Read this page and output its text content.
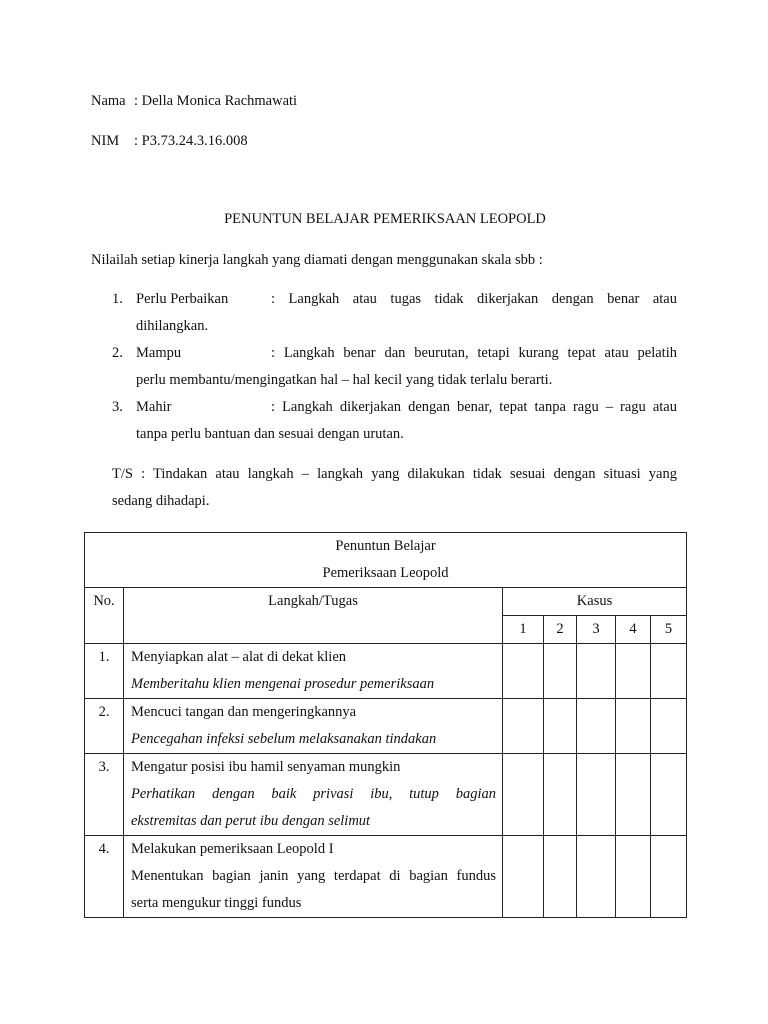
Nama : Della Monica Rachmawati
NIM : P3.73.24.3.16.008
PENUNTUN BELAJAR PEMERIKSAAN LEOPOLD
Nilailah setiap kinerja langkah yang diamati dengan menggunakan skala sbb :
1. Perlu Perbaikan	: Langkah atau tugas tidak dikerjakan dengan benar atau
dihilangkan.
2. Mampu	: Langkah benar dan beurutan, tetapi kurang tepat atau pelatih
perlu membantu/mengingatkan hal – hal kecil yang tidak terlalu berarti.
3. Mahir	: Langkah dikerjakan dengan benar, tepat tanpa ragu – ragu atau
tanpa perlu bantuan dan sesuai dengan urutan.
T/S : Tindakan atau langkah – langkah yang dilakukan tidak sesuai dengan situasi yang
sedang dihadapi.
Penuntun Belajar
Pemeriksaan Leopold						

No.	Langkah/Tugas	Kasus				
		1	2	3	4	5
1.	Menyiapkan alat – alat di dekat klien
Memberitahu klien mengenai prosedur pemeriksaan					

2.	Mencuci tangan dan mengeringkannya
Pencegahan infeksi sebelum melaksanakan tindakan					

3.	Mengatur posisi ibu hamil senyaman mungkin
Perhatikan dengan baik privasi ibu, tutup bagian
ekstremitas dan perut ibu dengan selimut					

4.	Melakukan pemeriksaan Leopold I
Menentukan bagian janin yang terdapat di bagian fundus
serta mengukur tinggi fundus					
